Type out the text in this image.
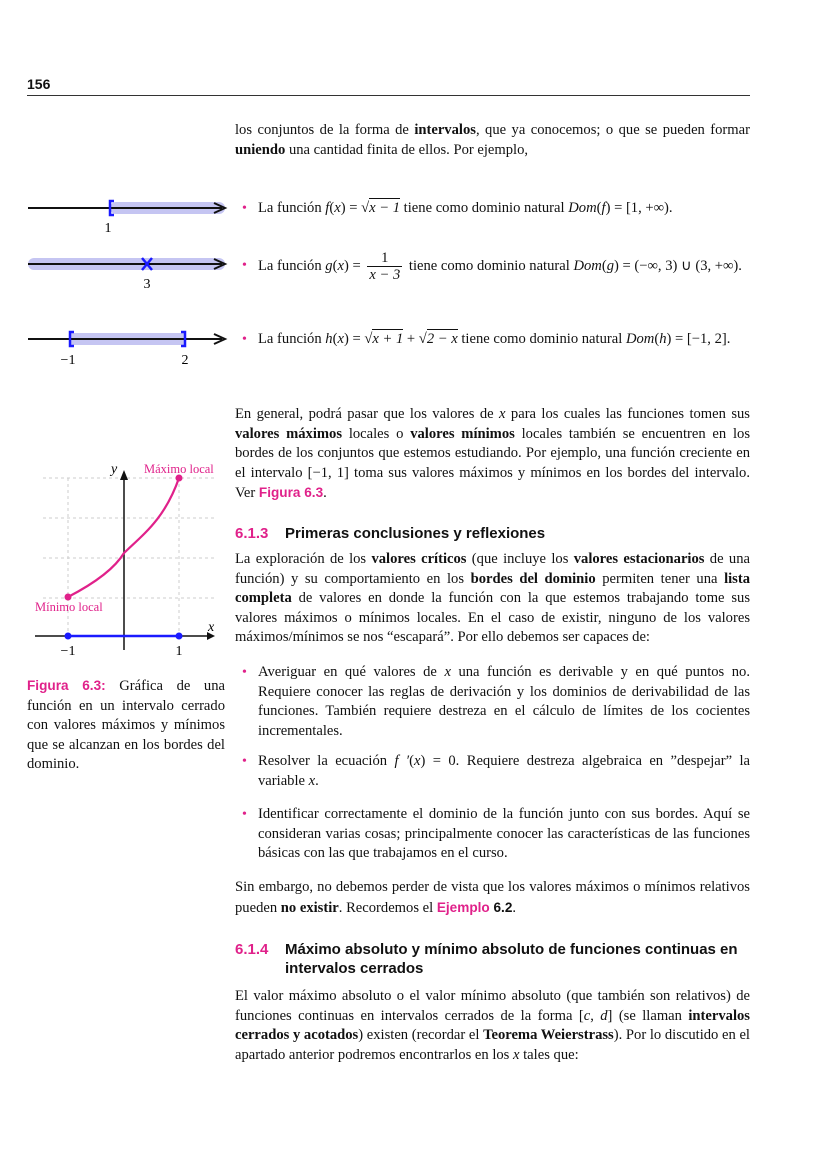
156
los conjuntos de la forma de intervalos, que ya conocemos; o que se pueden formar uniendo una cantidad finita de ellos. Por ejemplo,
1
3
−1	2
• La función f(x) = √x − 1 tiene como dominio natural Dom(f) = [1, +∞).
• La función $g(x) = \frac{1}{x - 3}$ tiene como dominio natural Dom(g) = (−∞, 3) ∪ (3, +∞).
• La función h(x) = √x + 1 + √2 − x tiene como dominio natural Dom(h) = [−1, 2].
En general, podrá pasar que los valores de x para los cuales las funciones tomen sus valores máximos locales o valores mínimos locales también se encuentren en los bordes de los conjuntos que estemos estudiando. Por ejemplo, una función creciente en el intervalo [−1, 1] toma sus valores máximos y mínimos en los bordes del intervalo. Ver Figura 6.3.
6.1.3 Primeras conclusiones y reflexiones
La exploración de los valores críticos (que incluye los valores estacionarios de una función) y su comportamiento en los bordes del dominio permiten tener una lista completa de valores en donde la función con la que estemos trabajando tome sus valores máximos o mínimos locales. En el caso de existir, ninguno de los valores máximos/mínimos se nos “escapará”. Por ello debemos ser capaces de:
• Averiguar en qué valores de x una función es derivable y en qué puntos no. Requiere conocer las reglas de derivación y los dominios de derivabilidad de las funciones. También requiere destreza en el cálculo de límites de los cocientes incrementales.
• Resolver la ecuación f ′(x) = 0. Requiere destreza algebraica en ”despejar” la variable x.
• Identificar correctamente el dominio de la función junto con sus bordes. Aquí se consideran varias cosas; principalmente conocer las características de las funciones básicas con las que trabajamos en el curso.
Sin embargo, no debemos perder de vista que los valores máximos o mínimos relativos pueden no existir. Recordemos el Ejemplo 6.2.
6.1.4 Máximo absoluto y mínimo absoluto de funciones continuas en
intervalos cerrados
El valor máximo absoluto o el valor mínimo absoluto (que también son relativos) de funciones continuas en intervalos cerrados de la forma [c, d] (se llaman intervalos cerrados y acotados) existen (recordar el Teorema Weierstrass). Por lo discutido en el apartado anterior podremos encontrarlos en los x tales que:
Máximo local
Mínimo local
x
y
−1	1
Figura 6.3: Gráfica de una función en un intervalo cerrado con valores máximos y mínimos que se alcanzan en los bordes del dominio.
